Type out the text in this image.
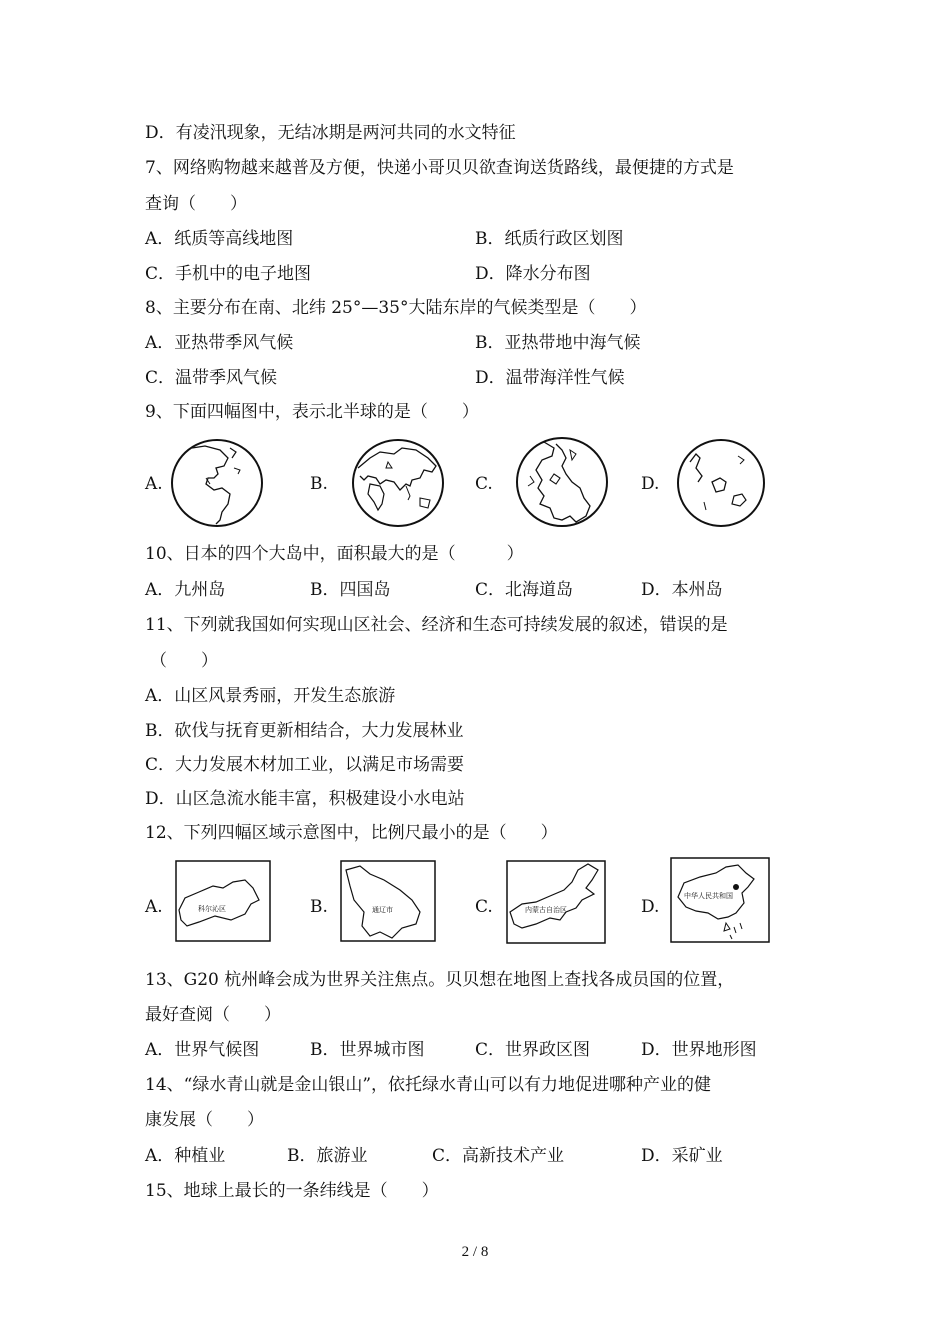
D．有凌汛现象，无结冰期是两河共同的水文特征
7、网络购物越来越普及方便，快递小哥贝贝欲查询送货路线，最便捷的方式是
查询（　　）
A．纸质等高线地图	B．纸质行政区划图
C．手机中的电子地图	D．降水分布图
8、主要分布在南、北纬 25°—35°大陆东岸的气候类型是（　　）
A．亚热带季风气候	B．亚热带地中海气候
C．温带季风气候	D．温带海洋性气候
9、下面四幅图中，表示北半球的是（　　）
A.	B.	C.	D.
10、日本的四个大岛中，面积最大的是（　　　）
A．九州岛	B．四国岛	C．北海道岛	D．本州岛
11、下列就我国如何实现山区社会、经济和生态可持续发展的叙述，错误的是
（　　）
A．山区风景秀丽，开发生态旅游
B．砍伐与抚育更新相结合，大力发展林业
C．大力发展木材加工业，以满足市场需要
D．山区急流水能丰富，积极建设小水电站
12、下列四幅区域示意图中，比例尺最小的是（　　）
A.	B.	C.	D.
科尔沁区	通辽市	内蒙古自治区
中华人民共和国
13、G20 杭州峰会成为世界关注焦点。贝贝想在地图上查找各成员国的位置，
最好查阅（　　）
A．世界气候图	B．世界城市图	C．世界政区图	D．世界地形图
14、“绿水青山就是金山银山”，依托绿水青山可以有力地促进哪种产业的健
康发展（　　）
A．种植业	B．旅游业	C．高新技术产业	D．采矿业
15、地球上最长的一条纬线是（　　）
2 / 8
